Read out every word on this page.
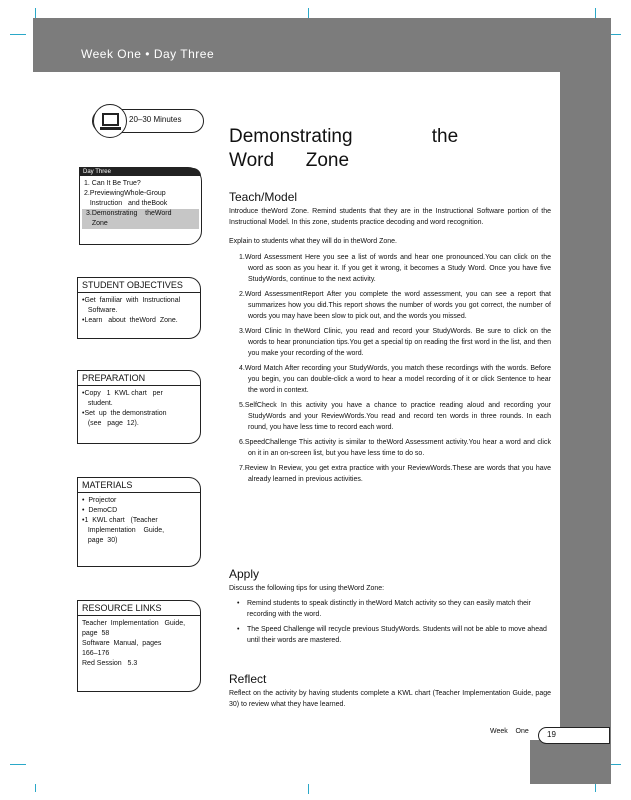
Week One • Day Three
20–30 Minutes
Demonstrating               the
Word      Zone
Day Three
1. Can It Be True?
2.PreviewingWhole-Group
Instruction   and theBook
3.Demonstrating    theWord
Zone
STUDENT OBJECTIVES
•Get  familiar  with  Instructional
Software.
•Learn   about  theWord  Zone.
PREPARATION
•Copy   1  KWL chart   per
student.
•Set  up  the demonstration
(see   page  12).
MATERIALS
•  Projector
•  DemoCD
•1  KWL chart   (Teacher
Implementation    Guide,
page  30)
RESOURCE LINKS
Teacher  Implementation   Guide,
page  58
Software  Manual,  pages
166–176
Red Session   5.3
Teach/Model
Introduce theWord Zone. Remind students that they are in the Instructional Software portion of the Instructional Model. In this zone, students practice decoding and word recognition.
Explain to students what they will do in theWord Zone.
1.Word Assessment Here you see a list of words and hear one pronounced.You can click on the word as soon as you hear it. If you get it wrong, it becomes a Study Word. Once you have five StudyWords, continue to the next activity.
2.Word AssessmentReport After you complete the word assessment, you can see a report that summarizes how you did.This report shows the number of words you got correct, the number of words you may have been slow to pick out, and the words you missed.
3.Word Clinic In theWord Clinic, you read and record your StudyWords. Be sure to click on the words to hear pronunciation tips.You get a special tip on reading the first word in the list, and then you make your recording of the word.
4.Word Match After recording your StudyWords, you match these recordings with the words. Before you begin, you can double-click a word to hear a model recording of it or click Sentence to hear the word in context.
5.SelfCheck In this activity you have a chance to practice reading aloud and recording your StudyWords and your ReviewWords.You read and record ten words in three rounds. In each round, you have less time to record each word.
6.SpeedChallenge This activity is similar to theWord Assessment activity.You hear a word and click on it in an on-screen list, but you have less time to do so.
7.Review In Review, you get extra practice with your ReviewWords.These are words that you have already learned in previous activities.
Apply
Discuss the following tips for using theWord Zone:
• Remind students to speak distinctly in theWord Match activity so they can easily match their recording with the word.
• The Speed Challenge will recycle previous StudyWords. Students will not be able to move ahead until their words are mastered.
Reflect
Reflect on the activity by having students complete a KWL chart (Teacher Implementation Guide, page 30) to review what they have learned.
Week    One 19
